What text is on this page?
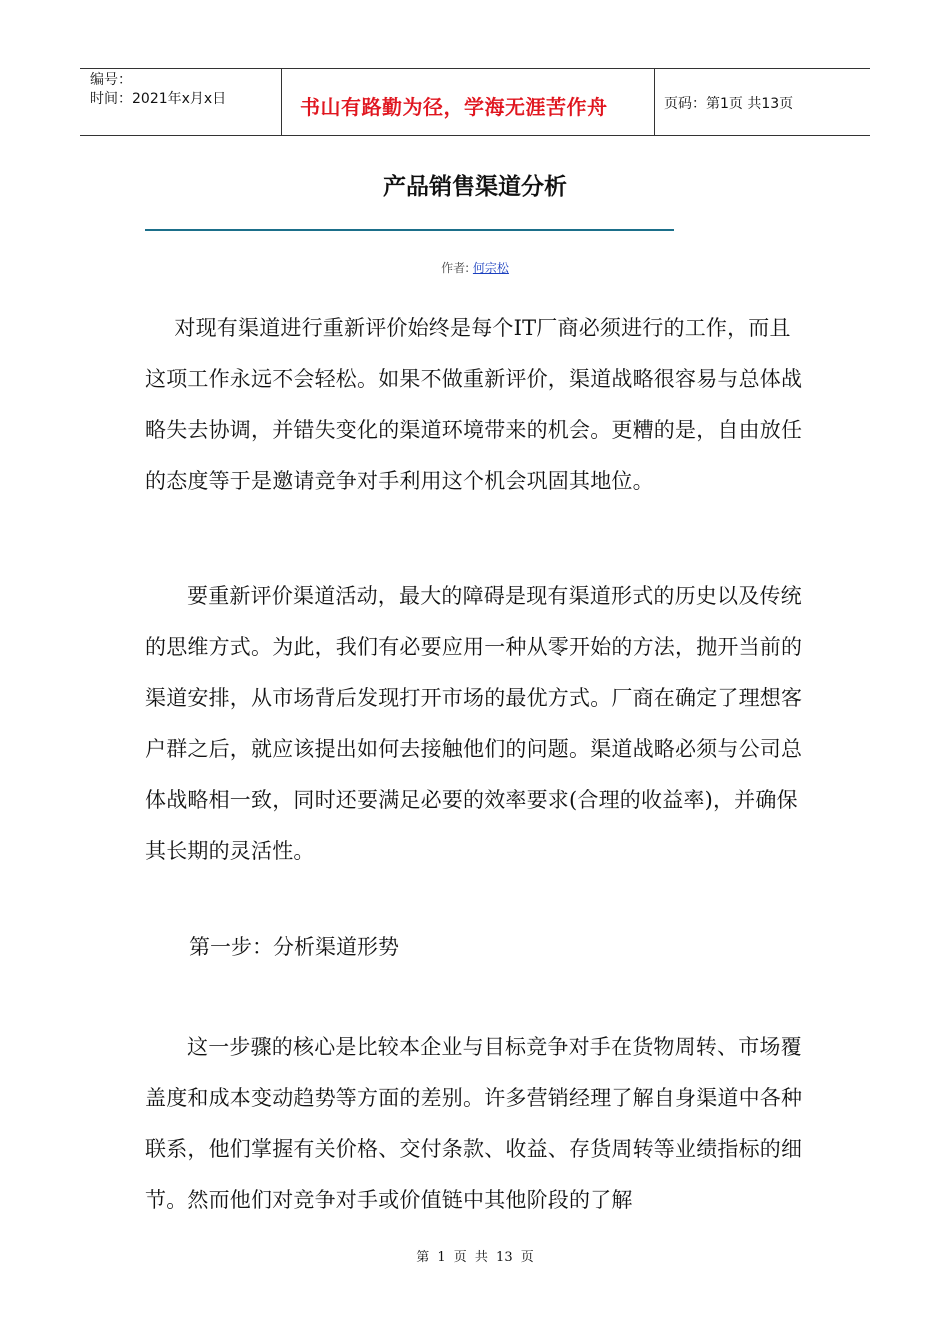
编号：
时间：2021年x月x日	书山有路勤为径，学海无涯苦作舟	页码：第1页 共13页
产品销售渠道分析
作者: 何宗松
对现有渠道进行重新评价始终是每个IT厂商必须进行的工作，而且这项工作永远不会轻松。如果不做重新评价，渠道战略很容易与总体战略失去协调，并错失变化的渠道环境带来的机会。更糟的是，自由放任的态度等于是邀请竞争对手利用这个机会巩固其地位。
要重新评价渠道活动，最大的障碍是现有渠道形式的历史以及传统的思维方式。为此，我们有必要应用一种从零开始的方法，抛开当前的渠道安排，从市场背后发现打开市场的最优方式。厂商在确定了理想客户群之后，就应该提出如何去接触他们的问题。渠道战略必须与公司总体战略相一致，同时还要满足必要的效率要求(合理的收益率)，并确保其长期的灵活性。
第一步：分析渠道形势
这一步骤的核心是比较本企业与目标竞争对手在货物周转、市场覆盖度和成本变动趋势等方面的差别。许多营销经理了解自身渠道中各种联系，他们掌握有关价格、交付条款、收益、存货周转等业绩指标的细节。然而他们对竞争对手或价值链中其他阶段的了解
第 1 页 共 13 页
